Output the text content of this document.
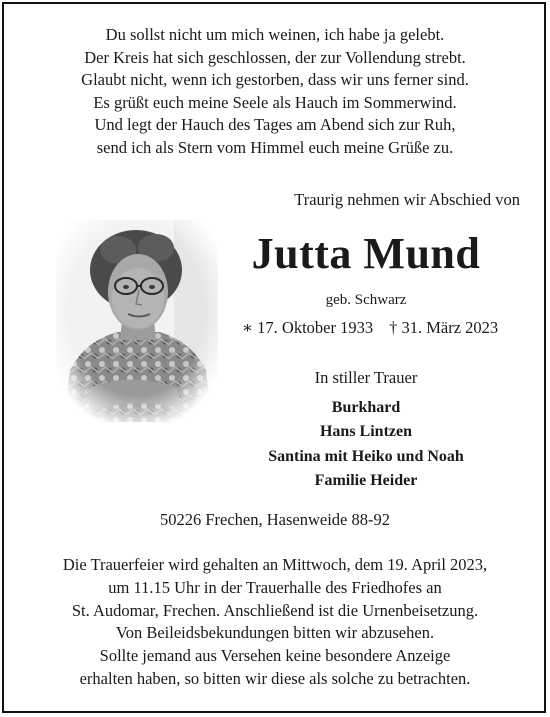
Du sollst nicht um mich weinen, ich habe ja gelebt.
Der Kreis hat sich geschlossen, der zur Vollendung strebt.
Glaubt nicht, wenn ich gestorben, dass wir uns ferner sind.
Es grüßt euch meine Seele als Hauch im Sommerwind.
Und legt der Hauch des Tages am Abend sich zur Ruh,
send ich als Stern vom Himmel euch meine Grüße zu.
Traurig nehmen wir Abschied von
Jutta Mund
geb. Schwarz
∗ 17. Oktober 1933 † 31. März 2023
In stiller Trauer
Burkhard
Hans Lintzen
Santina mit Heiko und Noah
Familie Heider
50226 Frechen, Hasenweide 88-92
Die Trauerfeier wird gehalten an Mittwoch, dem 19. April 2023,
um 11.15 Uhr in der Trauerhalle des Friedhofes an
St. Audomar, Frechen. Anschließend ist die Urnenbeisetzung.
Von Beileidsbekundungen bitten wir abzusehen.
Sollte jemand aus Versehen keine besondere Anzeige
erhalten haben, so bitten wir diese als solche zu betrachten.
